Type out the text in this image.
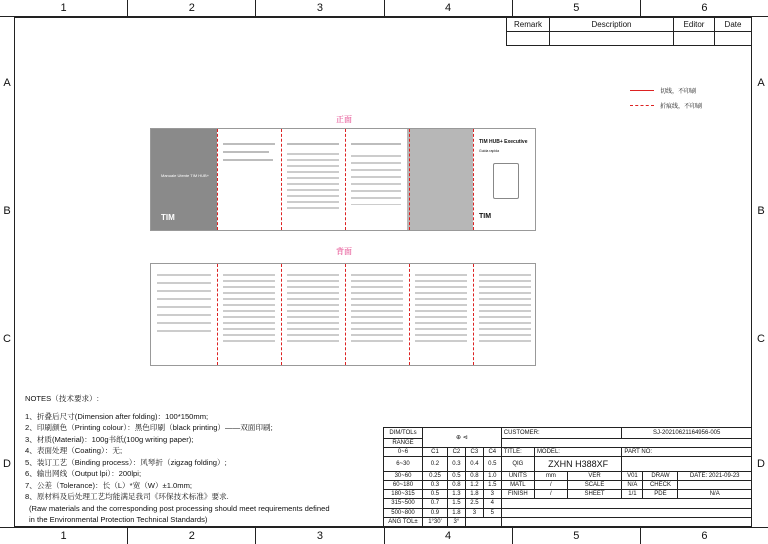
1	2	3	4	5	6
1	2	3	4	5	6
A
B
C
D
A
B
C
D
Remark	Description	Editor	Date

切线，不印刷
折痕线，不印刷
正面
Manuale Utente TIM HUB+
TIM
TIM HUB+ Executive
Guida rapida
TIM
背面
NOTES（技术要求）:
1、折叠后尺寸(Dimension after folding)：100*150mm;
2、印刷颜色（Printing colour）：黑色印刷（black printing）——双面印刷;
3、材质(Material)：100g书纸(100g writing paper);
4、表面处理（Coating）：无;
5、装订工艺（Binding process）：风琴折（zigzag folding）;
6、输出网线（Output lpi）：200lpi;
7、公差（Tolerance)：长（L）*宽（W）±1.0mm;
8、原材料及后处理工艺均能满足我司《环保技术标准》要求.
(Raw materials and the corresponding post processing should meet requirements defined
in the Environmental Protection Technical Standards)
DIM/TOLs	⊕ ⊲				CUSTOMER:			SJ-20210621164956-005		
RANGE										
0~6	C1	C2	C3	C4	TITLE:	MODEL:		PART NO:		
6~30	0.2	0.3	0.4	0.5	QIG	ZXHN H388XF				
30~60	0.25	0.5	0.8	1.0	UNITS	mm	VER	V01	DRAW	DATE: 2021-09-23
60~180	0.3	0.8	1.2	1.5	MATL	/	SCALE	N/A	CHECK	
180~315	0.5	1.3	1.8	3	FINISH	/	SHEET	1/1	PDE	N/A
315~500	0.7	1.5	2.5	4						
500~800	0.9	1.8	3	5						
ANG TOL±	1°30'	3°								
